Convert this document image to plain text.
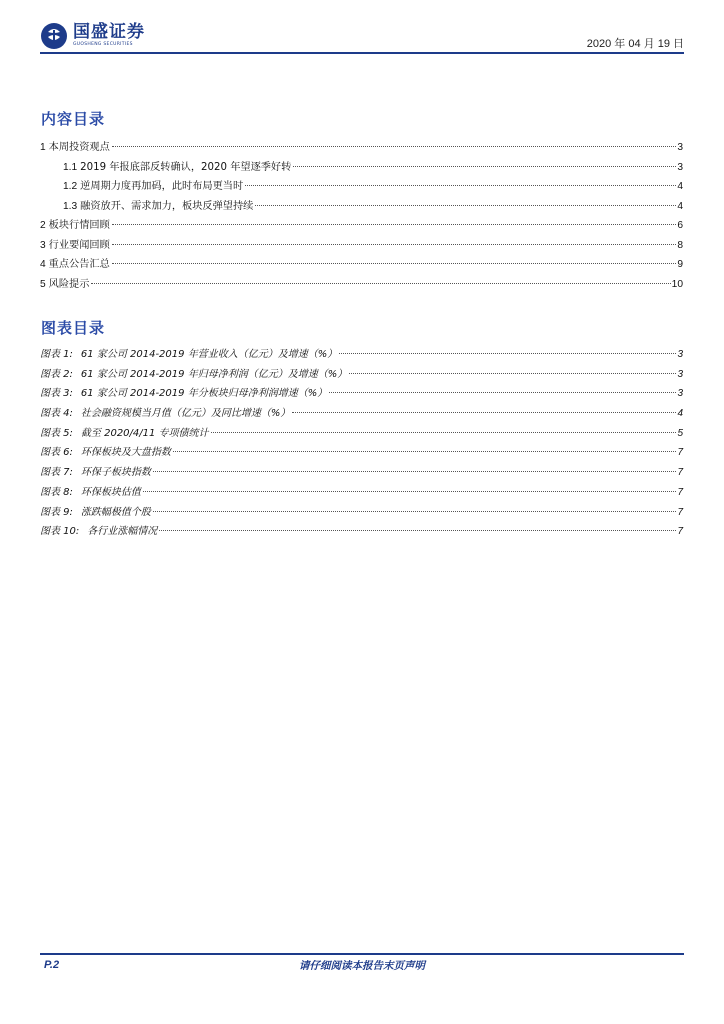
国盛证券
GUOSHENG SECURITIES	2020 年 04 月 19 日
内容目录
1 本周投资观点	3
1.1 2019 年报底部反转确认，2020 年望逐季好转	3
1.2 逆周期力度再加码，此时布局更当时	4
1.3 融资放开、需求加力，板块反弹望持续	4
2 板块行情回顾	6
3 行业要闻回顾	8
4 重点公告汇总	9
5 风险提示	10
图表目录
图表 1: 61 家公司 2014-2019 年营业收入（亿元）及增速（%）	3
图表 2: 61 家公司 2014-2019 年归母净利润（亿元）及增速（%）	3
图表 3: 61 家公司 2014-2019 年分板块归母净利润增速（%）	3
图表 4: 社会融资规模当月值（亿元）及同比增速（%）	4
图表 5: 截至 2020/4/11 专项债统计	5
图表 6: 环保板块及大盘指数	7
图表 7: 环保子板块指数	7
图表 8: 环保板块估值	7
图表 9: 涨跌幅极值个股	7
图表 10: 各行业涨幅情况	7
P.2	请仔细阅读本报告末页声明
